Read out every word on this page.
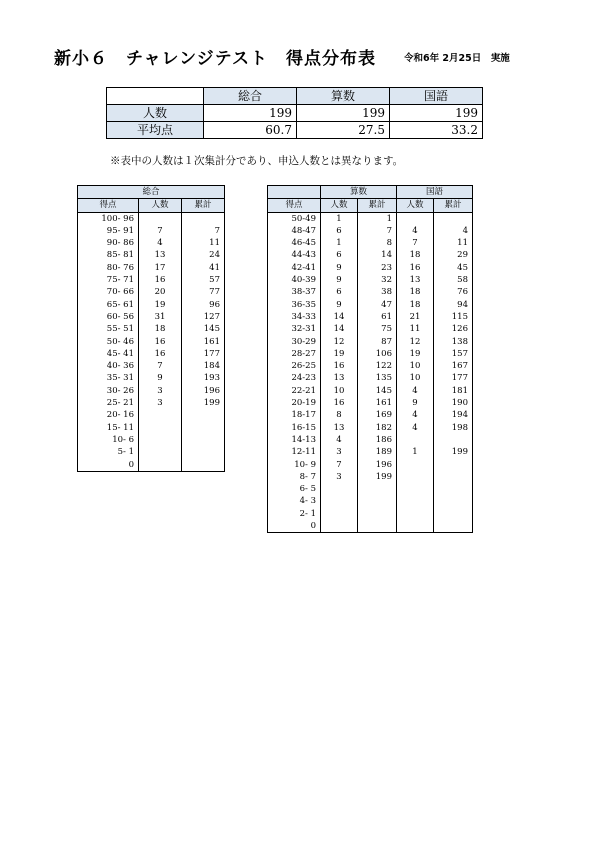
新小６　チャレンジテスト　得点分布表	令和6年 2月25日　実施
	総合	算数	国語
人数	199	199	199
平均点	60.7	27.5	33.2
※表中の人数は１次集計分であり、申込人数とは異なります。
総合		
得点	人数	累計
100- 96		
95- 91	7	7
90- 86	4	11
85- 81	13	24
80- 76	17	41
75- 71	16	57
70- 66	20	77
65- 61	19	96
60- 56	31	127
55- 51	18	145
50- 46	16	161
45- 41	16	177
40- 36	7	184
35- 31	9	193
30- 26	3	196
25- 21	3	199
20- 16		
15- 11		
10- 6		
5- 1		
0		
	算数		国語	
得点	人数	累計	人数	累計
50-49	1	1		
48-47	6	7	4	4
46-45	1	8	7	11
44-43	6	14	18	29
42-41	9	23	16	45
40-39	9	32	13	58
38-37	6	38	18	76
36-35	9	47	18	94
34-33	14	61	21	115
32-31	14	75	11	126
30-29	12	87	12	138
28-27	19	106	19	157
26-25	16	122	10	167
24-23	13	135	10	177
22-21	10	145	4	181
20-19	16	161	9	190
18-17	8	169	4	194
16-15	13	182	4	198
14-13	4	186		
12-11	3	189	1	199
10- 9	7	196		
8- 7	3	199		
6- 5				
4- 3				
2- 1				
0				
